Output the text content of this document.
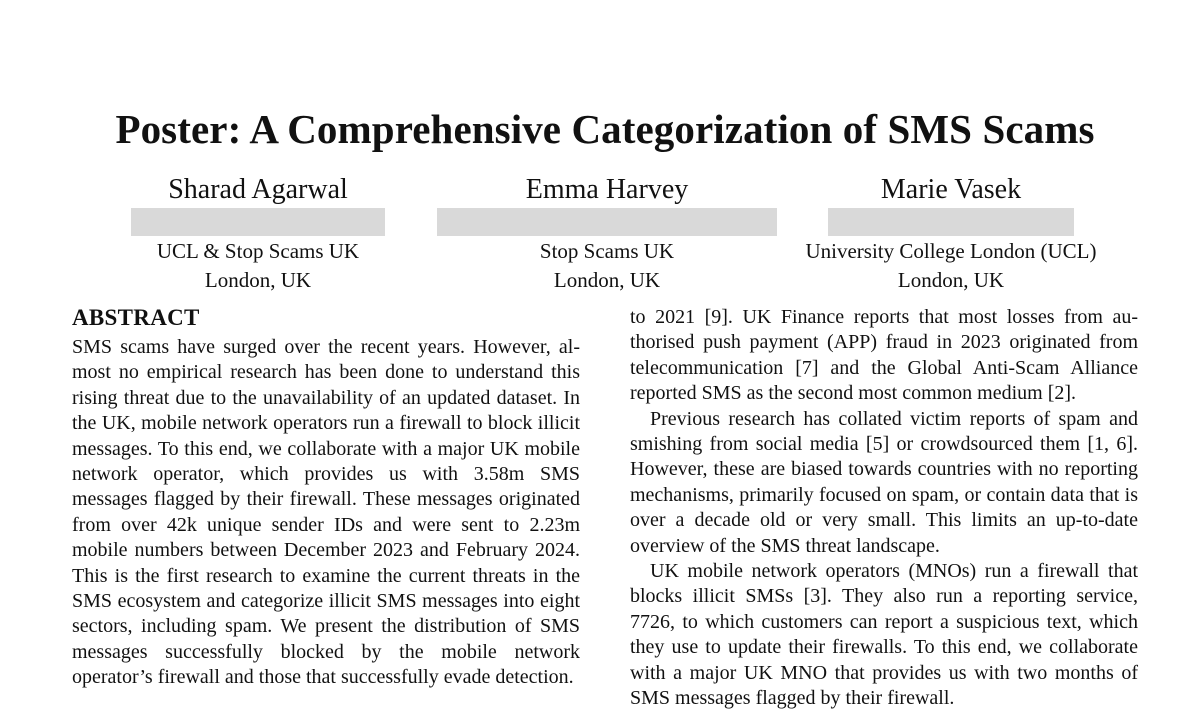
Poster: A Comprehensive Categorization of SMS Scams
Sharad Agarwal
UCL & Stop Scams UK
London, UK
Emma Harvey
Stop Scams UK
London, UK
Marie Vasek
University College London (UCL)
London, UK
ABSTRACT

SMS scams have surged over the recent years. However, almost no empirical research has been done to understand this rising threat due to the unavailability of an updated dataset. In the UK, mobile network operators run a firewall to block illicit messages. To this end, we collaborate with a major UK mobile network operator, which provides us with 3.58m SMS messages flagged by their firewall. These messages originated from over 42k unique sender IDs and were sent to 2.23m mobile numbers between December 2023 and February 2024. This is the first research to examine the current threats in the SMS ecosystem and categorize illicit SMS messages into eight sectors, including spam. We present the distribution of SMS messages successfully blocked by the mobile network operator’s firewall and those that successfully evade detection.

to 2021 [9]. UK Finance reports that most losses from authorised push payment (APP) fraud in 2023 originated from telecommunication [7] and the Global Anti-Scam Alliance reported SMS as the second most common medium [2].

Previous research has collated victim reports of spam and smishing from social media [5] or crowdsourced them [1, 6]. However, these are biased towards countries with no reporting mechanisms, primarily focused on spam, or contain data that is over a decade old or very small. This limits an up-to-date overview of the SMS threat landscape.

UK mobile network operators (MNOs) run a firewall that blocks illicit SMSs [3]. They also run a reporting service, 7726, to which customers can report a suspicious text, which they use to update their firewalls. To this end, we collaborate with a major UK MNO that provides us with two months of SMS messages flagged by their firewall.
